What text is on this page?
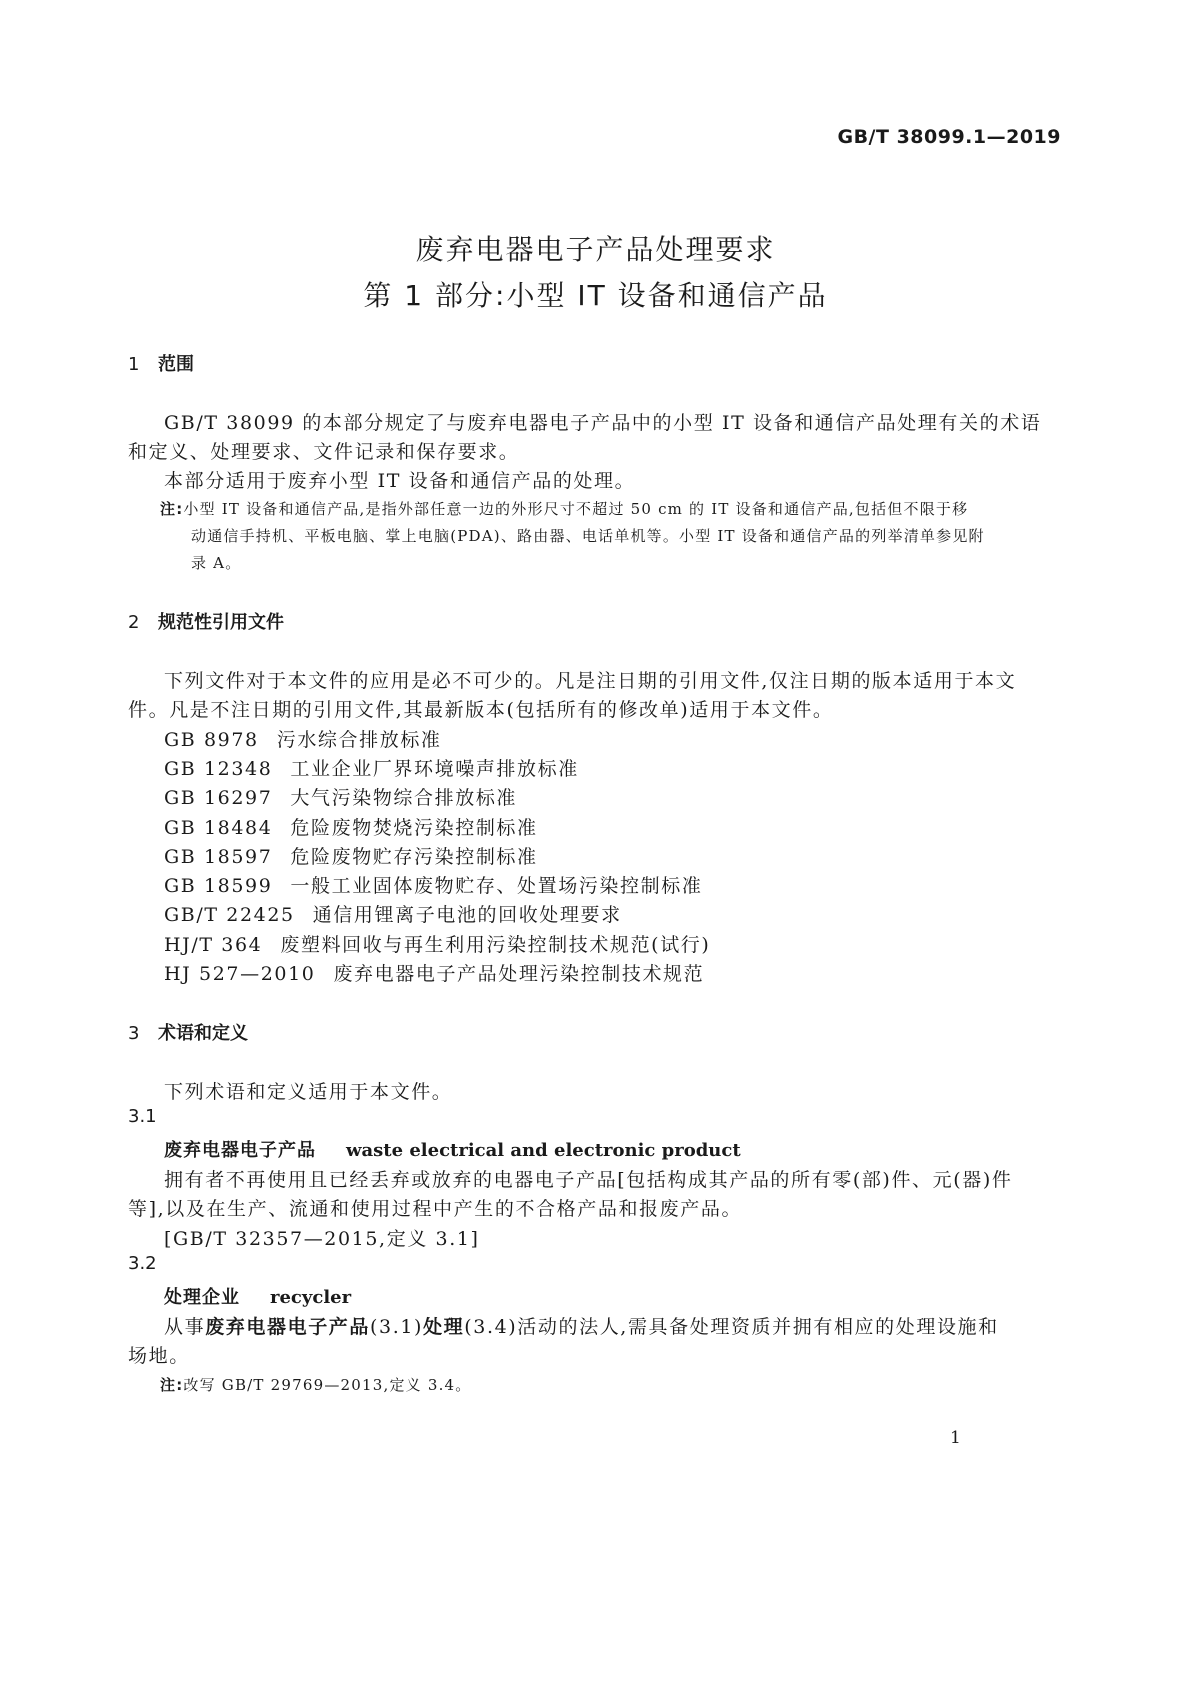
GB/T 38099.1—2019
废弃电器电子产品处理要求
第 1 部分:小型 IT 设备和通信产品
1 范围
GB/T 38099 的本部分规定了与废弃电器电子产品中的小型 IT 设备和通信产品处理有关的术语
和定义、处理要求、文件记录和保存要求。
本部分适用于废弃小型 IT 设备和通信产品的处理。
注:小型 IT 设备和通信产品,是指外部任意一边的外形尺寸不超过 50 cm 的 IT 设备和通信产品,包括但不限于移
动通信手持机、平板电脑、掌上电脑(PDA)、路由器、电话单机等。小型 IT 设备和通信产品的列举清单参见附
录 A。
2 规范性引用文件
下列文件对于本文件的应用是必不可少的。凡是注日期的引用文件,仅注日期的版本适用于本文
件。凡是不注日期的引用文件,其最新版本(包括所有的修改单)适用于本文件。
GB 8978 污水综合排放标准
GB 12348 工业企业厂界环境噪声排放标准
GB 16297 大气污染物综合排放标准
GB 18484 危险废物焚烧污染控制标准
GB 18597 危险废物贮存污染控制标准
GB 18599 一般工业固体废物贮存、处置场污染控制标准
GB/T 22425 通信用锂离子电池的回收处理要求
HJ/T 364 废塑料回收与再生利用污染控制技术规范(试行)
HJ 527—2010 废弃电器电子产品处理污染控制技术规范
3 术语和定义
下列术语和定义适用于本文件。
3.1
废弃电器电子产品 waste electrical and electronic product
拥有者不再使用且已经丢弃或放弃的电器电子产品[包括构成其产品的所有零(部)件、元(器)件
等],以及在生产、流通和使用过程中产生的不合格产品和报废产品。
[GB/T 32357—2015,定义 3.1]
3.2
处理企业 recycler
从事废弃电器电子产品(3.1)处理(3.4)活动的法人,需具备处理资质并拥有相应的处理设施和
场地。
注:改写 GB/T 29769—2013,定义 3.4。
1
